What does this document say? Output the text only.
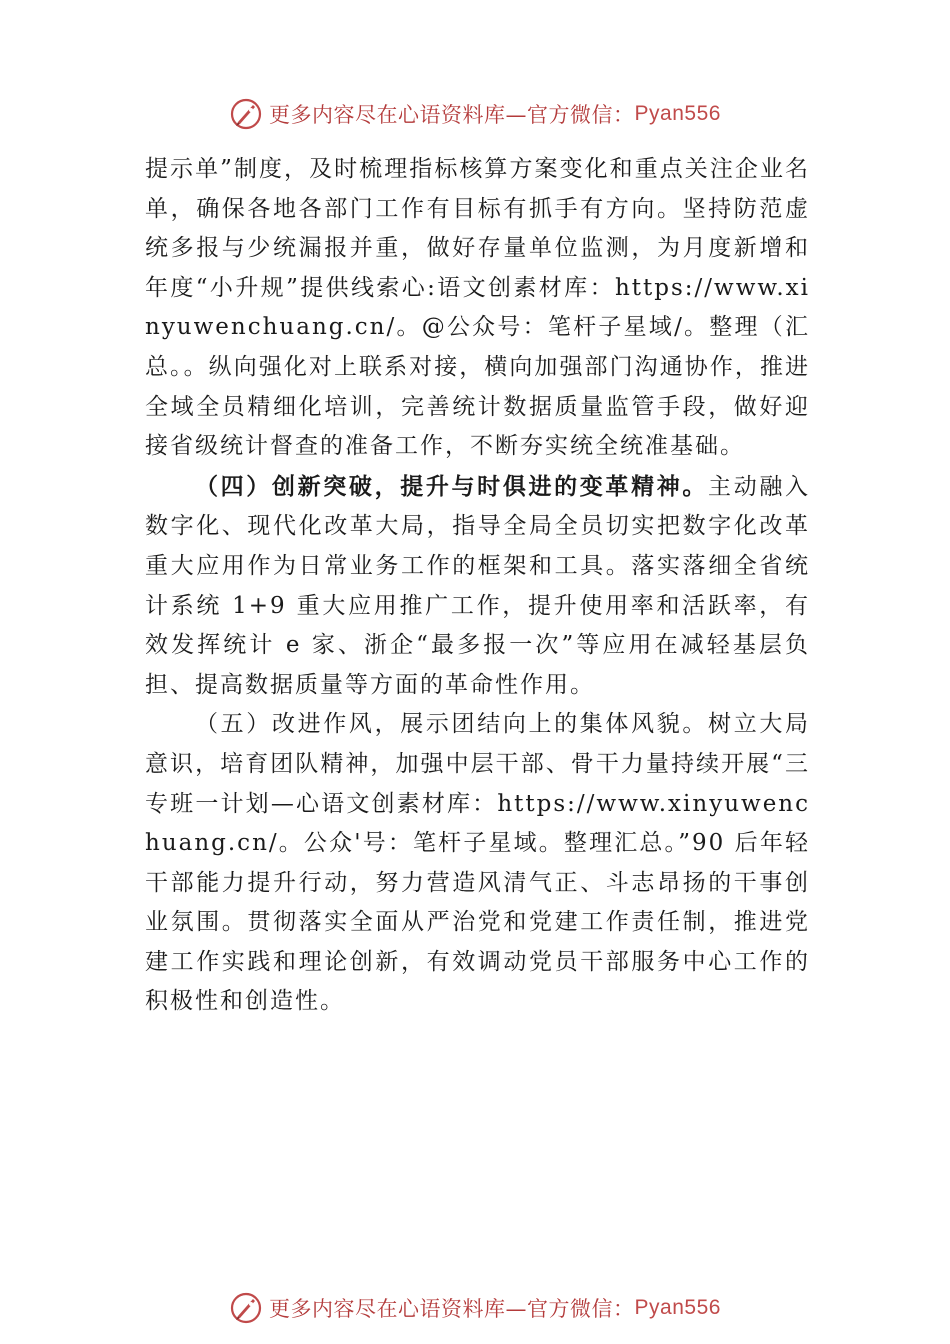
更多内容尽在心语资料库—官方微信： Pyan556

提示单”制度，及时梳理指标核算方案变化和重点关注企业名单，确保各地各部门工作有目标有抓手有方向。坚持防范虚统多报与少统漏报并重，做好存量单位监测，为月度新增和年度“小升规”提供线索心:语文创素材库：https://www.xinyuwenchuang.cn/。@公众号：笔杆子星域/。整理（汇总。。纵向强化对上联系对接，横向加强部门沟通协作，推进全域全员精细化培训，完善统计数据质量监管手段，做好迎接省级统计督查的准备工作，不断夯实统全统准基础。

（四）创新突破，提升与时俱进的变革精神。主动融入数字化、现代化改革大局，指导全局全员切实把数字化改革重大应用作为日常业务工作的框架和工具。落实落细全省统计系统 1+9 重大应用推广工作，提升使用率和活跃率，有效发挥统计 e 家、浙企“最多报一次”等应用在减轻基层负担、提高数据质量等方面的革命性作用。

（五）改进作风，展示团结向上的集体风貌。树立大局意识，培育团队精神，加强中层干部、骨干力量持续开展“三专班一计划—心语文创素材库：https://www.xinyuwenchuang.cn/。公众'号：笔杆子星域。整理汇总。”90 后年轻干部能力提升行动，努力营造风清气正、斗志昂扬的干事创业氛围。贯彻落实全面从严治党和党建工作责任制，推进党建工作实践和理论创新，有效调动党员干部服务中心工作的积极性和创造性。

更多内容尽在心语资料库—官方微信： Pyan556
